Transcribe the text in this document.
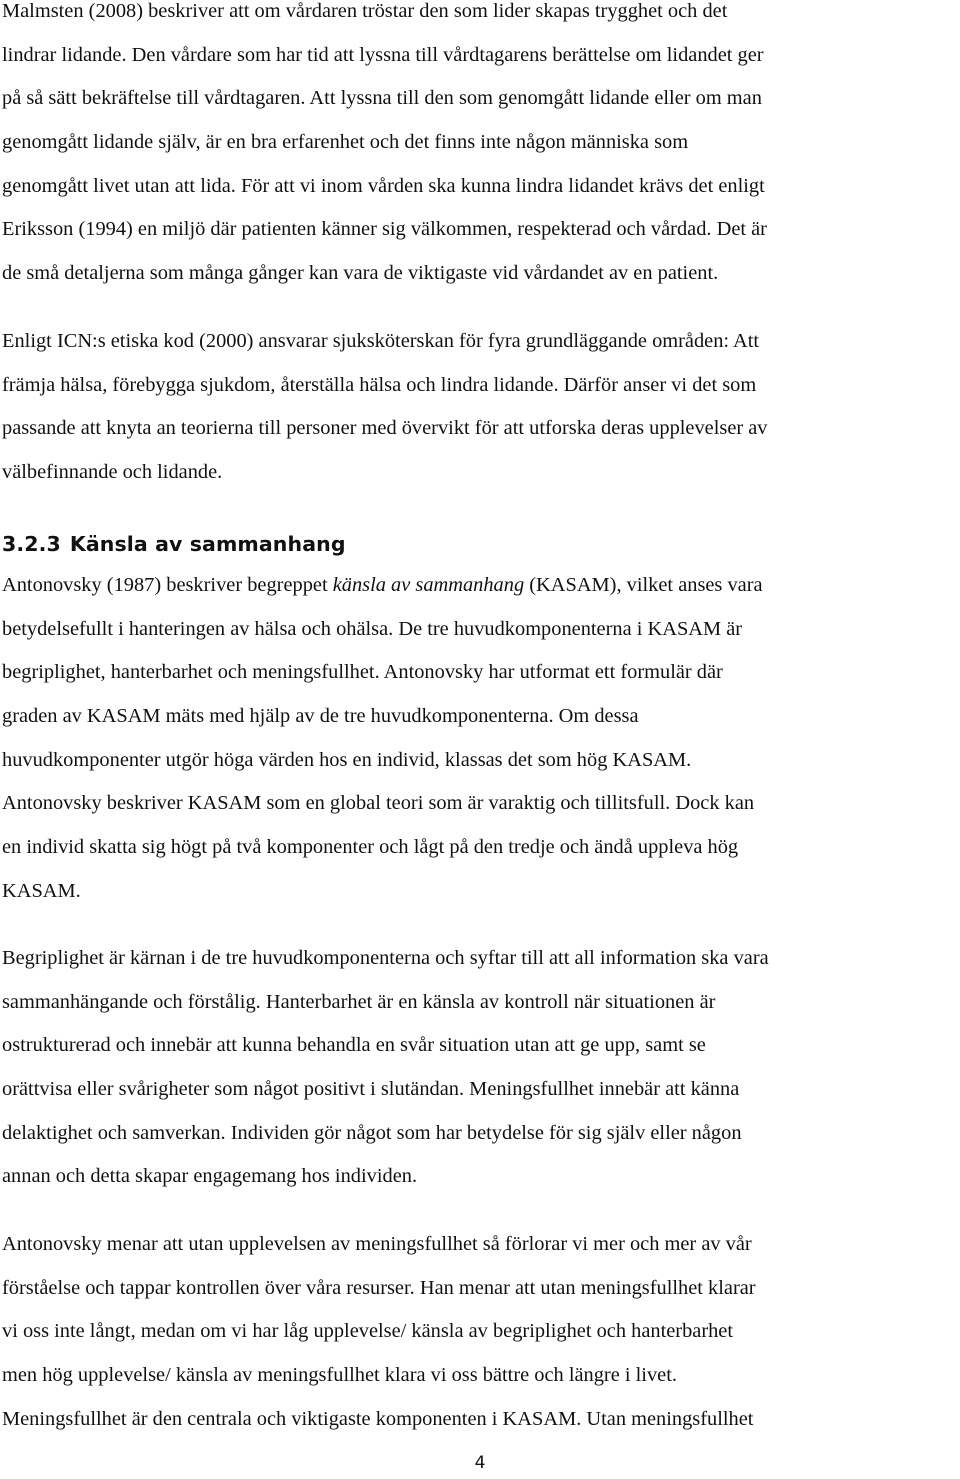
Malmsten (2008) beskriver att om vårdaren tröstar den som lider skapas trygghet och det
lindrar lidande. Den vårdare som har tid att lyssna till vårdtagarens berättelse om lidandet ger
på så sätt bekräftelse till vårdtagaren. Att lyssna till den som genomgått lidande eller om man
genomgått lidande själv, är en bra erfarenhet och det finns inte någon människa som
genomgått livet utan att lida. För att vi inom vården ska kunna lindra lidandet krävs det enligt
Eriksson (1994) en miljö där patienten känner sig välkommen, respekterad och vårdad. Det är
de små detaljerna som många gånger kan vara de viktigaste vid vårdandet av en patient.
Enligt ICN:s etiska kod (2000) ansvarar sjuksköterskan för fyra grundläggande områden: Att
främja hälsa, förebygga sjukdom, återställa hälsa och lindra lidande. Därför anser vi det som
passande att knyta an teorierna till personer med övervikt för att utforska deras upplevelser av
välbefinnande och lidande.
3.2.3 Känsla av sammanhang
Antonovsky (1987) beskriver begreppet känsla av sammanhang (KASAM), vilket anses vara
betydelsefullt i hanteringen av hälsa och ohälsa. De tre huvudkomponenterna i KASAM är
begriplighet, hanterbarhet och meningsfullhet. Antonovsky har utformat ett formulär där
graden av KASAM mäts med hjälp av de tre huvudkomponenterna. Om dessa
huvudkomponenter utgör höga värden hos en individ, klassas det som hög KASAM.
Antonovsky beskriver KASAM som en global teori som är varaktig och tillitsfull. Dock kan
en individ skatta sig högt på två komponenter och lågt på den tredje och ändå uppleva hög
KASAM.
Begriplighet är kärnan i de tre huvudkomponenterna och syftar till att all information ska vara
sammanhängande och förstålig. Hanterbarhet är en känsla av kontroll när situationen är
ostrukturerad och innebär att kunna behandla en svår situation utan att ge upp, samt se
orättvisa eller svårigheter som något positivt i slutändan. Meningsfullhet innebär att känna
delaktighet och samverkan. Individen gör något som har betydelse för sig själv eller någon
annan och detta skapar engagemang hos individen.
Antonovsky menar att utan upplevelsen av meningsfullhet så förlorar vi mer och mer av vår
förståelse och tappar kontrollen över våra resurser. Han menar att utan meningsfullhet klarar
vi oss inte långt, medan om vi har låg upplevelse/ känsla av begriplighet och hanterbarhet
men hög upplevelse/ känsla av meningsfullhet klara vi oss bättre och längre i livet.
Meningsfullhet är den centrala och viktigaste komponenten i KASAM. Utan meningsfullhet
4
